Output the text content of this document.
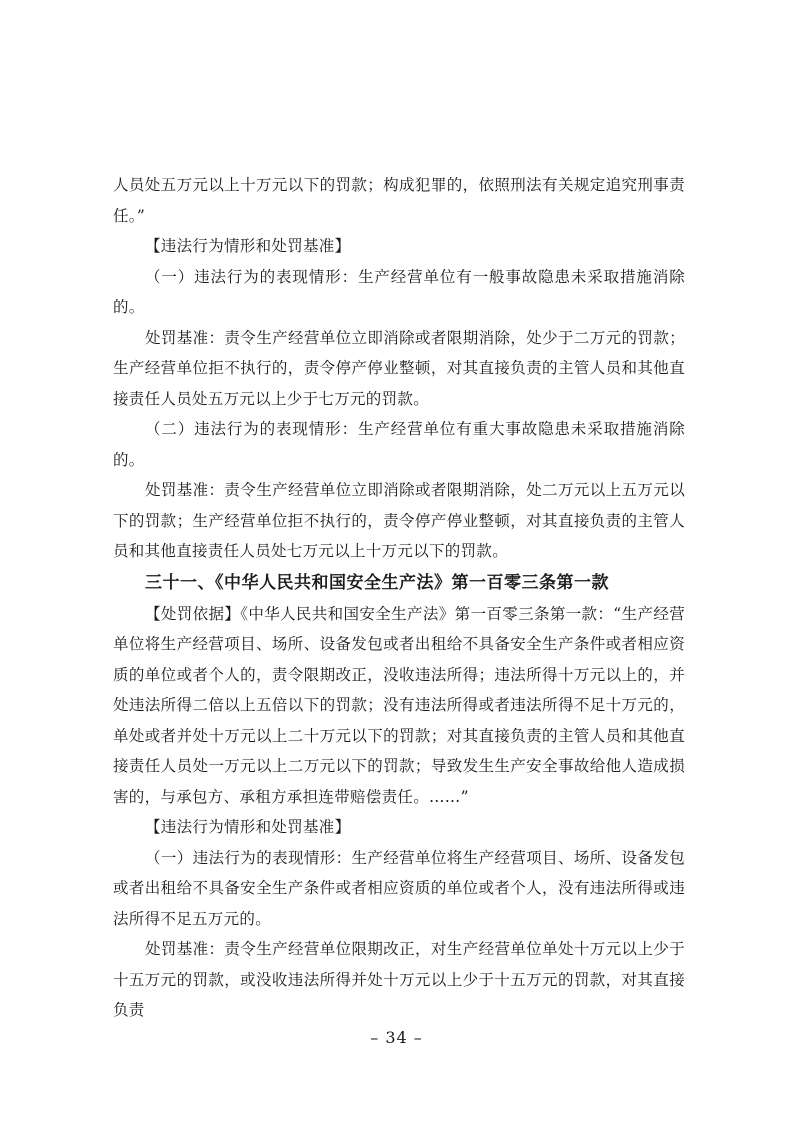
人员处五万元以上十万元以下的罚款；构成犯罪的，依照刑法有关规定追究刑事责任。”

【违法行为情形和处罚基准】

（一）违法行为的表现情形：生产经营单位有一般事故隐患未采取措施消除的。

处罚基准：责令生产经营单位立即消除或者限期消除，处少于二万元的罚款；生产经营单位拒不执行的，责令停产停业整顿，对其直接负责的主管人员和其他直接责任人员处五万元以上少于七万元的罚款。

（二）违法行为的表现情形：生产经营单位有重大事故隐患未采取措施消除的。

处罚基准：责令生产经营单位立即消除或者限期消除，处二万元以上五万元以下的罚款；生产经营单位拒不执行的，责令停产停业整顿，对其直接负责的主管人员和其他直接责任人员处七万元以上十万元以下的罚款。

三十一、《中华人民共和国安全生产法》第一百零三条第一款

【处罚依据】《中华人民共和国安全生产法》第一百零三条第一款：“生产经营单位将生产经营项目、场所、设备发包或者出租给不具备安全生产条件或者相应资质的单位或者个人的，责令限期改正，没收违法所得；违法所得十万元以上的，并处违法所得二倍以上五倍以下的罚款；没有违法所得或者违法所得不足十万元的，单处或者并处十万元以上二十万元以下的罚款；对其直接负责的主管人员和其他直接责任人员处一万元以上二万元以下的罚款；导致发生生产安全事故给他人造成损害的，与承包方、承租方承担连带赔偿责任。……”

【违法行为情形和处罚基准】

（一）违法行为的表现情形：生产经营单位将生产经营项目、场所、设备发包或者出租给不具备安全生产条件或者相应资质的单位或者个人，没有违法所得或违法所得不足五万元的。

处罚基准：责令生产经营单位限期改正，对生产经营单位单处十万元以上少于十五万元的罚款，或没收违法所得并处十万元以上少于十五万元的罚款，对其直接负责

– 34 –
